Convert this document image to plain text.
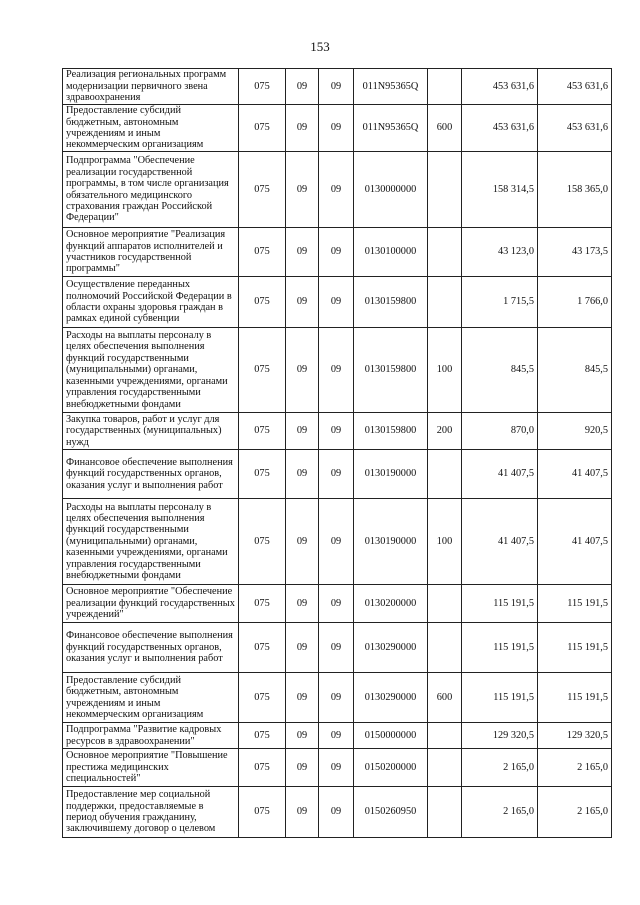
153
Реализация региональных программ модернизации первичного звена здравоохранения	075	09	09	011N95365Q		453 631,6	453 631,6
Предоставление субсидий бюджетным, автономным учреждениям и иным некоммерческим организациям	075	09	09	011N95365Q	600	453 631,6	453 631,6
Подпрограмма "Обеспечение реализации государственной программы, в том числе организация обязательного медицинского страхования граждан Российской Федерации"	075	09	09	0130000000		158 314,5	158 365,0
Основное мероприятие "Реализация функций аппаратов исполнителей и участников государственной программы"	075	09	09	0130100000		43 123,0	43 173,5
Осуществление переданных полномочий Российской Федерации в области охраны здоровья граждан в рамках единой субвенции	075	09	09	0130159800		1 715,5	1 766,0
Расходы на выплаты персоналу в целях обеспечения выполнения функций государственными (муниципальными) органами, казенными учреждениями, органами управления государственными внебюджетными фондами	075	09	09	0130159800	100	845,5	845,5
Закупка товаров, работ и услуг для государственных (муниципальных) нужд	075	09	09	0130159800	200	870,0	920,5
Финансовое обеспечение выполнения функций государственных органов, оказания услуг и выполнения работ	075	09	09	0130190000		41 407,5	41 407,5
Расходы на выплаты персоналу в целях обеспечения выполнения функций государственными (муниципальными) органами, казенными учреждениями, органами управления государственными внебюджетными фондами	075	09	09	0130190000	100	41 407,5	41 407,5
Основное мероприятие "Обеспечение реализации функций государственных учреждений"	075	09	09	0130200000		115 191,5	115 191,5
Финансовое обеспечение выполнения функций государственных органов, оказания услуг и выполнения работ	075	09	09	0130290000		115 191,5	115 191,5
Предоставление субсидий бюджетным, автономным учреждениям и иным некоммерческим организациям	075	09	09	0130290000	600	115 191,5	115 191,5
Подпрограмма "Развитие кадровых ресурсов в здравоохранении"	075	09	09	0150000000		129 320,5	129 320,5
Основное мероприятие "Повышение престижа медицинских специальностей"	075	09	09	0150200000		2 165,0	2 165,0
Предоставление мер социальной поддержки, предоставляемые в период обучения гражданину, заключившему договор о целевом	075	09	09	0150260950		2 165,0	2 165,0
